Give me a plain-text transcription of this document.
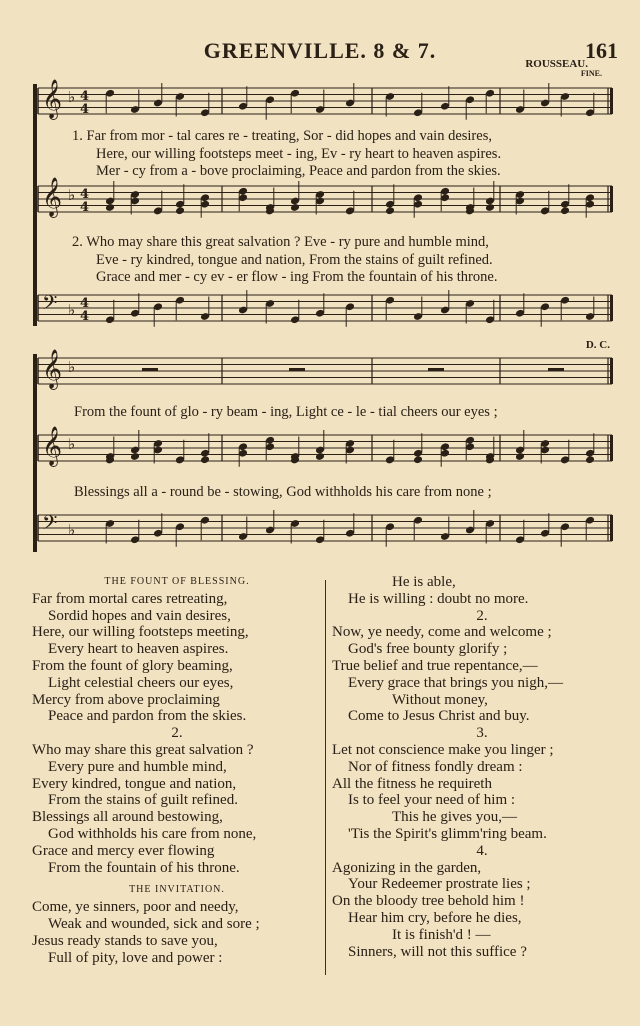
GREENVILLE. 8 & 7.	161
ROUSSEAU.
FINE.
D. C.
𝄞 ♭
𝄞 ♭
𝄢 ♭
𝄞 ♭
𝄞 ♭
𝄢 ♭
4
4
4
4
4
4
1. Far from mor - tal cares re - treating, Sor - did hopes and vain desires,
Here, our willing footsteps meet - ing, Ev - ry heart to heaven aspires.
Mer - cy from a - bove proclaiming, Peace and pardon from the skies.
2. Who may share this great salvation ? Eve - ry pure and humble mind,
Eve - ry kindred, tongue and nation, From the stains of guilt refined.
Grace and mer - cy ev - er flow - ing From the fountain of his throne.
From the fount of glo - ry beam - ing, Light ce - le - tial cheers our eyes ;
Blessings all a - round be - stowing, God withholds his care from none ;
THE FOUNT OF BLESSING.
Far from mortal cares retreating,
Sordid hopes and vain desires,
Here, our willing footsteps meeting,
Every heart to heaven aspires.
From the fount of glory beaming,
Light celestial cheers our eyes,
Mercy from above proclaiming
Peace and pardon from the skies.
2.
Who may share this great salvation ?
Every pure and humble mind,
Every kindred, tongue and nation,
From the stains of guilt refined.
Blessings all around bestowing,
God withholds his care from none,
Grace and mercy ever flowing
From the fountain of his throne.
THE INVITATION.
Come, ye sinners, poor and needy,
Weak and wounded, sick and sore ;
Jesus ready stands to save you,
Full of pity, love and power :
He is able,
He is willing : doubt no more.
2.
Now, ye needy, come and welcome ;
God's free bounty glorify ;
True belief and true repentance,—
Every grace that brings you nigh,—
Without money,
Come to Jesus Christ and buy.
3.
Let not conscience make you linger ;
Nor of fitness fondly dream :
All the fitness he requireth
Is to feel your need of him :
This he gives you,—
'Tis the Spirit's glimm'ring beam.
4.
Agonizing in the garden,
Your Redeemer prostrate lies ;
On the bloody tree behold him !
Hear him cry, before he dies,
It is finish'd ! —
Sinners, will not this suffice ?
